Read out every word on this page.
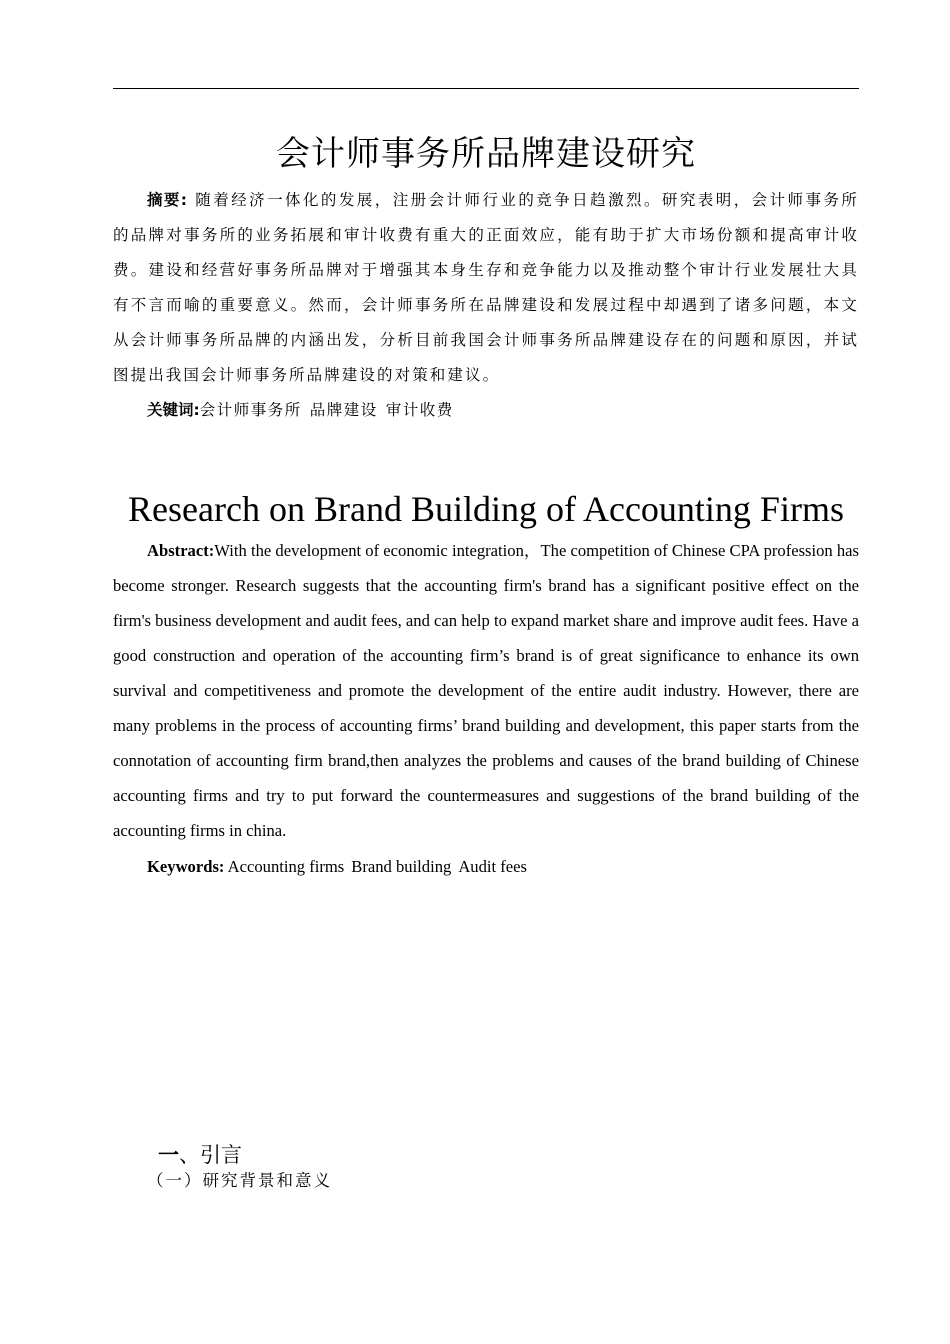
会计师事务所品牌建设研究

摘要: 随着经济一体化的发展，注册会计师行业的竞争日趋激烈。研究表明，会计师事务所的品牌对事务所的业务拓展和审计收费有重大的正面效应，能有助于扩大市场份额和提高审计收费。建设和经营好事务所品牌对于增强其本身生存和竞争能力以及推动整个审计行业发展壮大具有不言而喻的重要意义。然而，会计师事务所在品牌建设和发展过程中却遇到了诸多问题，本文从会计师事务所品牌的内涵出发，分析目前我国会计师事务所品牌建设存在的问题和原因，并试图提出我国会计师事务所品牌建设的对策和建议。

关键词:会计师事务所 品牌建设 审计收费

Research on Brand Building of Accounting Firms

Abstract:With the development of economic integration，The competition of Chinese CPA profession has become stronger. Research suggests that the accounting firm's brand has a significant positive effect on the firm's business development and audit fees, and can help to expand market share and improve audit fees. Have a good construction and operation of the accounting firm’s brand is of great significance to enhance its own survival and competitiveness and promote the development of the entire audit industry. However, there are many problems in the process of accounting firms’ brand building and development, this paper starts from the connotation of accounting firm brand,then analyzes the problems and causes of the brand building of Chinese accounting firms and try to put forward the countermeasures and suggestions of the brand building of the accounting firms in china.

Keywords: Accounting firms Brand building Audit fees

一、引言

（一）研究背景和意义
